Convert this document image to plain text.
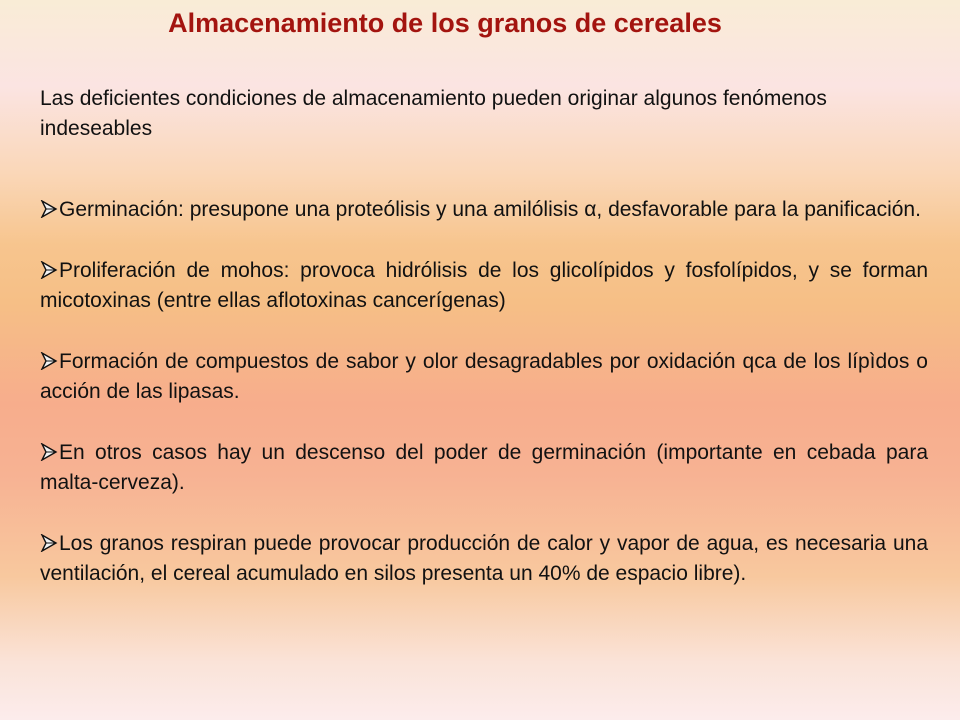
Almacenamiento de los granos de cereales

Las deficientes condiciones de almacenamiento pueden originar algunos fenómenos indeseables

Germinación: presupone una proteólisis y una amilólisis α, desfavorable para la panificación.
Proliferación de mohos: provoca hidrólisis de los glicolípidos y fosfolípidos, y se forman micotoxinas (entre ellas aflotoxinas cancerígenas)
Formación de compuestos de sabor y olor desagradables por oxidación qca de los lípìdos o acción de las lipasas.
En otros casos hay un descenso del poder de germinación (importante en cebada para malta-cerveza).
Los granos respiran puede provocar producción de calor y vapor de agua, es necesaria una ventilación, el cereal acumulado en silos presenta un 40% de espacio libre).
